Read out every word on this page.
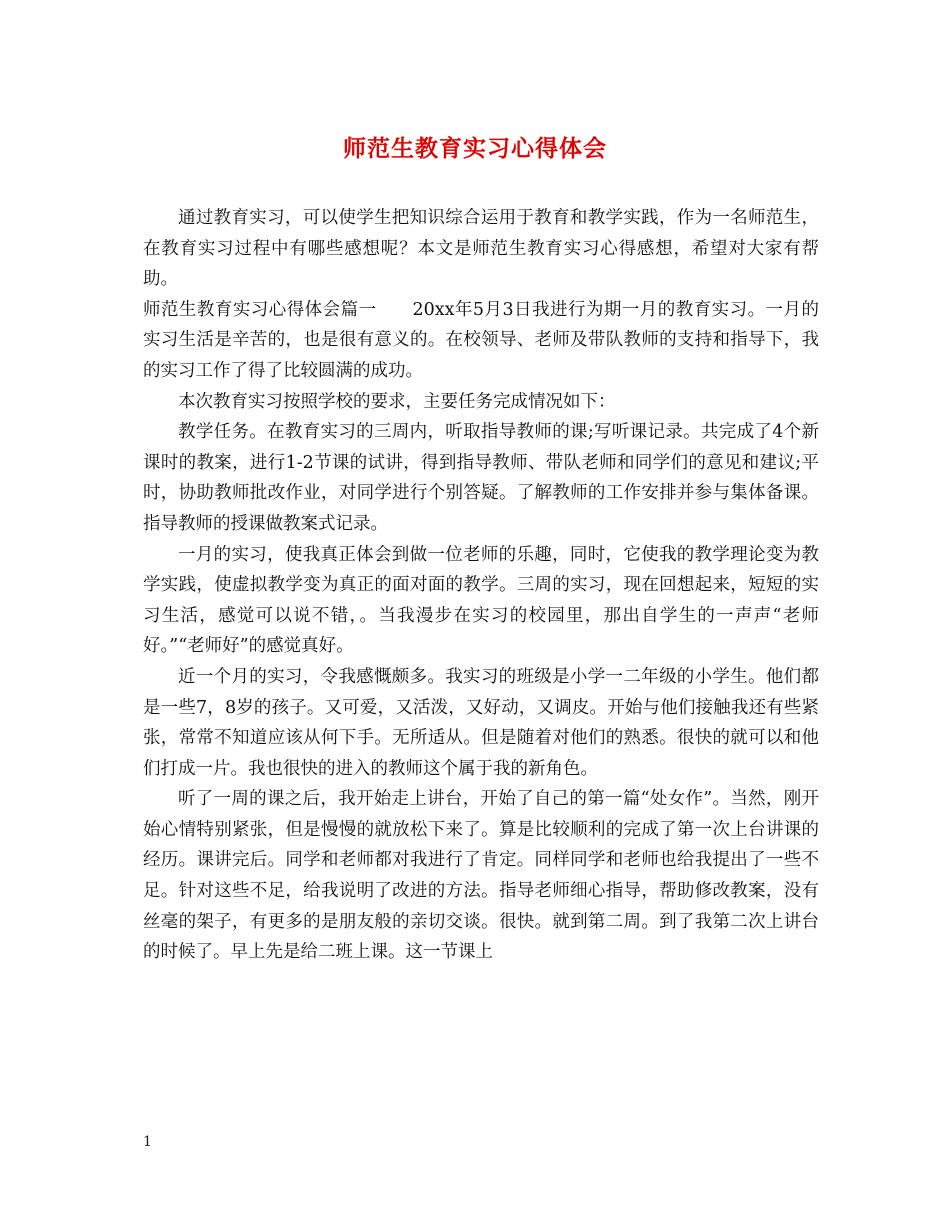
师范生教育实习心得体会

通过教育实习，可以使学生把知识综合运用于教育和教学实践，作为一名师范生，在教育实习过程中有哪些感想呢？本文是师范生教育实习心得感想，希望对大家有帮助。

师范生教育实习心得体会篇一　　20xx年5月3日我进行为期一月的教育实习。一月的实习生活是辛苦的，也是很有意义的。在校领导、老师及带队教师的支持和指导下，我的实习工作了得了比较圆满的成功。

本次教育实习按照学校的要求，主要任务完成情况如下：

教学任务。在教育实习的三周内，听取指导教师的课;写听课记录。共完成了4个新课时的教案，进行1-2节课的试讲，得到指导教师、带队老师和同学们的意见和建议;平时，协助教师批改作业，对同学进行个别答疑。了解教师的工作安排并参与集体备课。指导教师的授课做教案式记录。

一月的实习，使我真正体会到做一位老师的乐趣，同时，它使我的教学理论变为教学实践，使虚拟教学变为真正的面对面的教学。三周的实习，现在回想起来，短短的实习生活，感觉可以说不错，。当我漫步在实习的校园里，那出自学生的一声声“老师好。”“老师好”的感觉真好。

近一个月的实习，令我感慨颇多。我实习的班级是小学一二年级的小学生。他们都是一些7，8岁的孩子。又可爱，又活泼，又好动，又调皮。开始与他们接触我还有些紧张，常常不知道应该从何下手。无所适从。但是随着对他们的熟悉。很快的就可以和他们打成一片。我也很快的进入的教师这个属于我的新角色。

听了一周的课之后，我开始走上讲台，开始了自己的第一篇“处女作”。当然，刚开始心情特别紧张，但是慢慢的就放松下来了。算是比较顺利的完成了第一次上台讲课的经历。课讲完后。同学和老师都对我进行了肯定。同样同学和老师也给我提出了一些不足。针对这些不足，给我说明了改进的方法。指导老师细心指导，帮助修改教案，没有丝毫的架子，有更多的是朋友般的亲切交谈。很快。就到第二周。到了我第二次上讲台的时候了。早上先是给二班上课。这一节课上

1
